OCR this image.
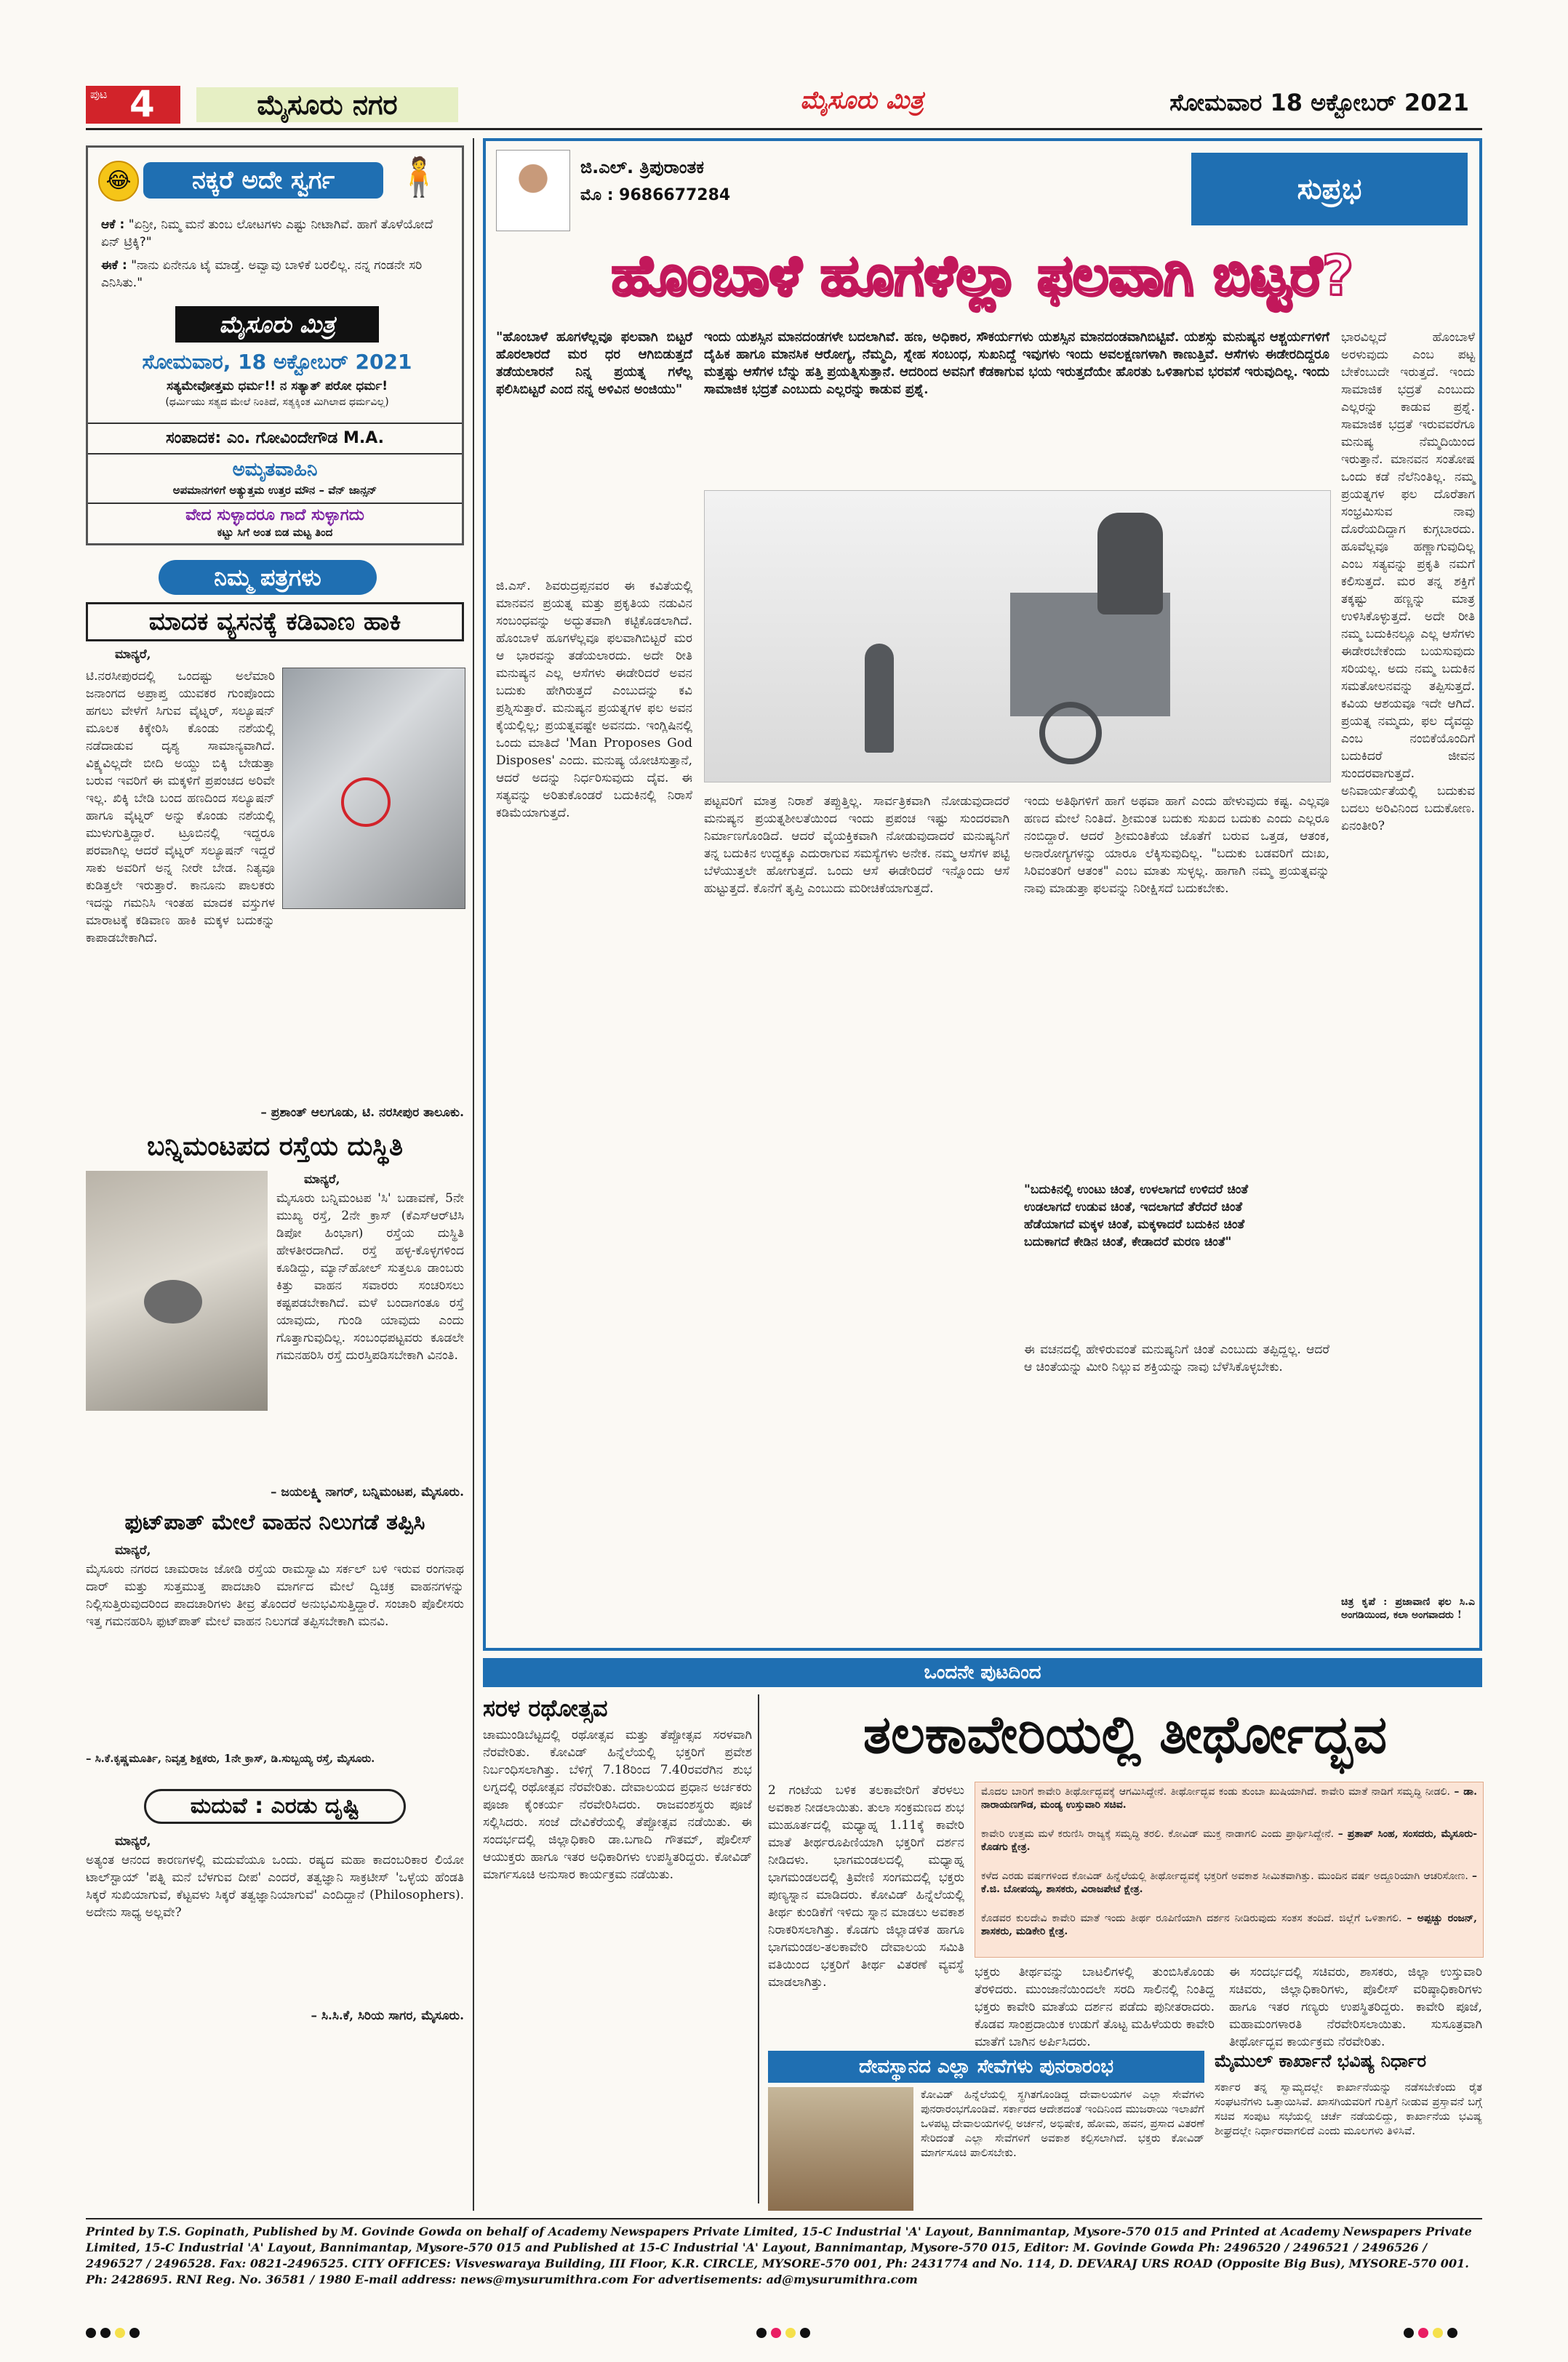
ಪುಟ 4	ಮೈಸೂರು ನಗರ	ಮೈಸೂರು ಮಿತ್ರ	ಸೋಮವಾರ 18 ಅಕ್ಟೋಬರ್ 2021
😂	ನಕ್ಕರೆ ಅದೇ ಸ್ವರ್ಗ	🧍
ಆಕೆ : "ಏನ್ರೀ, ನಿಮ್ಮ ಮನೆ ತುಂಬ ಲೋಟಗಳು ಎಷ್ಟು ನೀಟಾಗಿವೆ. ಹಾಗೆ ತೊಳೆಯೋದೆ ಏನ್ ಟ್ರಿಕ್ಕಿ?"
ಈಕೆ : "ನಾನು ಏನೇನೂ ಟೈ ಮಾಡ್ತೆ. ಅವ್ವಾವು ಬಾಳಿಕೆ ಬರಲಿಲ್ಲ. ನನ್ನ ಗಂಡನೇ ಸರಿ ಎನಿಸಿತು."
ಮೈಸೂರು ಮಿತ್ರ
ಸೋಮವಾರ, 18 ಅಕ್ಟೋಬರ್ 2021
ಸತ್ಯಮೇವೋತ್ತಮ ಧರ್ಮ!! ನ ಸತ್ಯಾತ್ ಪರೋ ಧರ್ಮ!
(ಧರ್ಮಿಯು ಸತ್ಯದ ಮೇಲೆ ನಿಂತಿದೆ, ಸತ್ಯಕ್ಕಿಂತ ಮಿಗಿಲಾದ ಧರ್ಮವಿಲ್ಲ)
ಸಂಪಾದಕ: ಎಂ. ಗೋವಿಂದೇಗೌಡ M.A.
ಅಮೃತವಾಹಿನಿ
ಅಪಮಾನಗಳಿಗೆ ಅತ್ಯುತ್ತಮ ಉತ್ತರ ಮೌನ – ವೆನ್ ಜಾನ್ಸನ್
ವೇದ ಸುಳ್ಳಾದರೂ ಗಾದೆ ಸುಳ್ಳಾಗದು
ಕಟ್ಟು ಸಿಗೆ ಅಂತ ಬಿಡ ಮಟ್ಟ ತಿಂದ
ನಿಮ್ಮ ಪತ್ರಗಳು
ಮಾದಕ ವ್ಯಸನಕ್ಕೆ ಕಡಿವಾಣ ಹಾಕಿ
ಮಾನ್ಯರೆ,
ಟಿ.ನರಸೀಪುರದಲ್ಲಿ ಒಂದಷ್ಟು ಅಲೆಮಾರಿ ಜನಾಂಗದ ಅಪ್ರಾಪ್ತ ಯುವಕರ ಗುಂಪೊಂದು ಹಗಲು ವೇಳೆಗೆ ಸಿಗುವ ವೈಟ್ನರ್, ಸಲ್ಯೂಷನ್ ಮೂಲಕ ಕಿಕ್ಕೇರಿಸಿ ಕೊಂಡು ನಶೆಯಲ್ಲಿ ನಡೆದಾಡುವ ದೃಶ್ಯ ಸಾಮಾನ್ಯವಾಗಿದೆ. ವಿಕ್ಷ್ಯವಿಲ್ಲದೇ ಬೀದಿ ಅಯ್ದು ಬಿಕ್ಕಿ ಬೇಡುತ್ತಾ ಬರುವ ಇವರಿಗೆ ಈ ಮಕ್ಕಳಿಗೆ ಪ್ರಪಂಚದ ಅರಿವೇ ಇಲ್ಲ. ಖಿಕ್ಕಿ ಬೇಡಿ ಬಂದ ಹಣದಿಂದ ಸಲ್ಯೂಷನ್ ಹಾಗೂ ವೈಟ್ನರ್ ಅನ್ನು ಕೊಂಡು ನಶೆಯಲ್ಲಿ ಮುಳುಗುತ್ತಿದ್ದಾರೆ. ಟ್ರೂಬಿನಲ್ಲಿ ಇದ್ದರೂ ಪರವಾಗಿಲ್ಲ ಆದರೆ ವೈಟ್ನರ್ ಸಲ್ಯೂಷನ್ ಇದ್ದರೆ ಸಾಕು ಅವರಿಗೆ ಅನ್ನ ನೀರೇ ಬೇಡ. ನಿತ್ಯವೂ ಕುಡಿತ್ತಲೇ ಇರುತ್ತಾರೆ. ಕಾನೂನು ಪಾಲಕರು ಇದನ್ನು ಗಮನಿಸಿ ಇಂತಹ ಮಾದಕ ವಸ್ತುಗಳ ಮಾರಾಟಕ್ಕೆ ಕಡಿವಾಣ ಹಾಕಿ ಮಕ್ಕಳ ಬದುಕನ್ನು ಕಾಪಾಡಬೇಕಾಗಿದೆ.
– ಪ್ರಶಾಂತ್ ಆಲಗೂಡು, ಟಿ. ನರಸೀಪುರ ತಾಲೂಕು.
ಬನ್ನಿಮಂಟಪದ ರಸ್ತೆಯ ದುಸ್ಥಿತಿ
ಮಾನ್ಯರೆ,
ಮೈಸೂರು ಬನ್ನಿಮಂಟಪ 'ಸಿ' ಬಡಾವಣೆ, 5ನೇ ಮುಖ್ಯ ರಸ್ತೆ, 2ನೇ ಕ್ರಾಸ್ (ಕೆಎಸ್‌ಆರ್‌ಟಿಸಿ ಡಿಪೋ ಹಿಂಭಾಗ) ರಸ್ತೆಯ ದುಸ್ಥಿತಿ ಹೇಳತೀರದಾಗಿದೆ. ರಸ್ತೆ ಹಳ್ಳ-ಕೊಳ್ಳಗಳಿಂದ ಕೂಡಿದ್ದು, ಮ್ಯಾನ್‌ಹೋಲ್ ಸುತ್ತಲೂ ಡಾಂಬರು ಕಿತ್ತು ವಾಹನ ಸವಾರರು ಸಂಚರಿಸಲು ಕಷ್ಟಪಡಬೇಕಾಗಿದೆ. ಮಳೆ ಬಂದಾಗಂತೂ ರಸ್ತೆ ಯಾವುದು, ಗುಂಡಿ ಯಾವುದು ಎಂದು ಗೊತ್ತಾಗುವುದಿಲ್ಲ. ಸಂಬಂಧಪಟ್ಟವರು ಕೂಡಲೇ ಗಮನಹರಿಸಿ ರಸ್ತೆ ದುರಸ್ತಿಪಡಿಸಬೇಕಾಗಿ ವಿನಂತಿ.
– ಜಯಲಕ್ಷ್ಮಿ ನಾಗರ್, ಬನ್ನಿಮಂಟಪ, ಮೈಸೂರು.
ಫುಟ್‌ಪಾತ್ ಮೇಲೆ ವಾಹನ ನಿಲುಗಡೆ ತಪ್ಪಿಸಿ
ಮಾನ್ಯರೆ,
ಮೈಸೂರು ನಗರದ ಚಾಮರಾಜ ಜೋಡಿ ರಸ್ತೆಯ ರಾಮಸ್ವಾಮಿ ಸರ್ಕಲ್ ಬಳಿ ಇರುವ ರಂಗನಾಥ ದಾರ್ ಮತ್ತು ಸುತ್ತಮುತ್ತ ಪಾದಚಾರಿ ಮಾರ್ಗದ ಮೇಲೆ ದ್ವಿಚಕ್ರ ವಾಹನಗಳನ್ನು ನಿಲ್ಲಿಸುತ್ತಿರುವುದರಿಂದ ಪಾದಚಾರಿಗಳು ತೀವ್ರ ತೊಂದರೆ ಅನುಭವಿಸುತ್ತಿದ್ದಾರೆ. ಸಂಚಾರಿ ಪೊಲೀಸರು ಇತ್ತ ಗಮನಹರಿಸಿ ಫುಟ್‌ಪಾತ್ ಮೇಲೆ ವಾಹನ ನಿಲುಗಡೆ ತಪ್ಪಿಸಬೇಕಾಗಿ ಮನವಿ.
– ಸಿ.ಕೆ.ಕೃಷ್ಣಮೂರ್ತಿ, ನಿವೃತ್ತ ಶಿಕ್ಷಕರು, 1ನೇ ಕ್ರಾಸ್, ಡಿ.ಸುಬ್ಬಯ್ಯ ರಸ್ತೆ, ಮೈಸೂರು.
ಮದುವೆ : ಎರಡು ದೃಷ್ಟಿ
ಮಾನ್ಯರೆ,
ಅತ್ಯಂತ ಆನಂದ ಕಾರಣಗಳಲ್ಲಿ ಮದುವೆಯೂ ಒಂದು. ರಷ್ಯದ ಮಹಾ ಕಾದಂಬರಿಕಾರ ಲಿಯೋ ಟಾಲ್‌ಸ್ಟಾಯ್ 'ಪತ್ನಿ ಮನೆ ಬೆಳಗುವ ದೀಪ' ಎಂದರೆ, ತತ್ವಜ್ಞಾನಿ ಸಾಕ್ರಟೀಸ್ 'ಒಳ್ಳೆಯ ಹೆಂಡತಿ ಸಿಕ್ಕರೆ ಸುಖಿಯಾಗುವೆ, ಕೆಟ್ಟವಳು ಸಿಕ್ಕರೆ ತತ್ವಜ್ಞಾನಿಯಾಗುವೆ' ಎಂದಿದ್ದಾನೆ (Philosophers). ಅದೇನು ಸಾಧ್ಯ ಅಲ್ಲವೇ?
– ಸಿ.ಸಿ.ಕೆ, ಸಿರಿಯ ಸಾಗರ, ಮೈಸೂರು.
ಜಿ.ಎಲ್. ತ್ರಿಪುರಾಂತಕ
ಮೊ : 9686677284	ಸುಪ್ರಭ
ಹೊಂಬಾಳೆ ಹೂಗಳೆಲ್ಲಾ ಫಲವಾಗಿ ಬಿಟ್ಟರೆ?
"ಹೊಂಬಾಳೆ ಹೂಗಳೆಲ್ಲವೂ ಫಲವಾಗಿ ಬಿಟ್ಟರೆ ಹೊರಲಾರದೆ ಮರ ಧರ ಆಗಿಬಿಡುತ್ತದೆ ತಡೆಯಲಾರನೆ ನಿನ್ನ ಪ್ರಯತ್ನ ಗಳೆಲ್ಲ ಫಲಿಸಿಬಿಟ್ಟರೆ ಎಂದ ನನ್ನ ಅಳಿವಿನ ಅಂಜಿಯು"
ಜಿ.ಎಸ್. ಶಿವರುದ್ರಪ್ಪನವರ ಈ ಕವಿತೆಯಲ್ಲಿ ಮಾನವನ ಪ್ರಯತ್ನ ಮತ್ತು ಪ್ರಕೃತಿಯ ನಡುವಿನ ಸಂಬಂಧವನ್ನು ಅದ್ಭುತವಾಗಿ ಕಟ್ಟಿಕೊಡಲಾಗಿದೆ. ಹೊಂಬಾಳೆ ಹೂಗಳೆಲ್ಲವೂ ಫಲವಾಗಿಬಿಟ್ಟರೆ ಮರ ಆ ಭಾರವನ್ನು ತಡೆಯಲಾರದು. ಅದೇ ರೀತಿ ಮನುಷ್ಯನ ಎಲ್ಲ ಆಸೆಗಳು ಈಡೇರಿದರೆ ಅವನ ಬದುಕು ಹೇಗಿರುತ್ತದೆ ಎಂಬುದನ್ನು ಕವಿ ಪ್ರಶ್ನಿಸುತ್ತಾರೆ. ಮನುಷ್ಯನ ಪ್ರಯತ್ನಗಳ ಫಲ ಅವನ ಕೈಯಲ್ಲಿಲ್ಲ; ಪ್ರಯತ್ನವಷ್ಟೇ ಅವನದು. ಇಂಗ್ಲಿಷಿನಲ್ಲಿ ಒಂದು ಮಾತಿದೆ 'Man Proposes God Disposes' ಎಂದು. ಮನುಷ್ಯ ಯೋಚಿಸುತ್ತಾನೆ, ಆದರೆ ಅದನ್ನು ನಿರ್ಧರಿಸುವುದು ದೈವ. ಈ ಸತ್ಯವನ್ನು ಅರಿತುಕೊಂಡರೆ ಬದುಕಿನಲ್ಲಿ ನಿರಾಸೆ ಕಡಿಮೆಯಾಗುತ್ತದೆ.
ಇಂದು ಯಶಸ್ಸಿನ ಮಾನದಂಡಗಳೇ ಬದಲಾಗಿವೆ. ಹಣ, ಅಧಿಕಾರ, ಸೌಕರ್ಯಗಳು ಯಶಸ್ಸಿನ ಮಾನದಂಡವಾಗಿಬಿಟ್ಟಿವೆ. ಯಶಸ್ಸು ಮನುಷ್ಯನ ಆಶ್ಚರ್ಯಗಳಿಗೆ ದೈಹಿಕ ಹಾಗೂ ಮಾನಸಿಕ ಆರೋಗ್ಯ, ನೆಮ್ಮದಿ, ಸ್ನೇಹ ಸಂಬಂಧ, ಸುಖನಿದ್ದೆ ಇವುಗಳು ಇಂದು ಅವಲಕ್ಷಣಗಳಾಗಿ ಕಾಣುತ್ತಿವೆ. ಆಸೆಗಳು ಈಡೇರದಿದ್ದರೂ ಮತ್ತಷ್ಟು ಆಸೆಗಳ ಬೆನ್ನು ಹತ್ತಿ ಪ್ರಯತ್ನಿಸುತ್ತಾನೆ. ಆದರಿಂದ ಅವನಿಗೆ ಕೆಡಕಾಗುವ ಭಯ ಇರುತ್ತದೆಯೇ ಹೊರತು ಒಳಿತಾಗುವ ಭರವಸೆ ಇರುವುದಿಲ್ಲ. ಇಂದು ಸಾಮಾಜಿಕ ಭದ್ರತೆ ಎಂಬುದು ಎಲ್ಲರನ್ನು ಕಾಡುವ ಪ್ರಶ್ನೆ.
ಭಾರವಿಲ್ಲದೆ ಹೊಂಬಾಳೆ ಅರಳುವುದು ಎಂಬ ಪಟ್ಟ ಬೇಕೆಂಬುದೇ ಇರುತ್ತದೆ. ಇಂದು ಸಾಮಾಜಿಕ ಭದ್ರತೆ ಎಂಬುದು ಎಲ್ಲರನ್ನು ಕಾಡುವ ಪ್ರಶ್ನೆ. ಸಾಮಾಜಿಕ ಭದ್ರತೆ ಇರುವವರೆಗೂ ಮನುಷ್ಯ ನೆಮ್ಮದಿಯಿಂದ ಇರುತ್ತಾನೆ. ಮಾನವನ ಸಂತೋಷ ಒಂದು ಕಡೆ ನೆಲೆನಿಂತಿಲ್ಲ. ನಮ್ಮ ಪ್ರಯತ್ನಗಳ ಫಲ ದೊರೆತಾಗ ಸಂಭ್ರಮಿಸುವ ನಾವು ದೊರೆಯದಿದ್ದಾಗ ಕುಗ್ಗಬಾರದು. ಹೂವೆಲ್ಲವೂ ಹಣ್ಣಾಗುವುದಿಲ್ಲ ಎಂಬ ಸತ್ಯವನ್ನು ಪ್ರಕೃತಿ ನಮಗೆ ಕಲಿಸುತ್ತದೆ. ಮರ ತನ್ನ ಶಕ್ತಿಗೆ ತಕ್ಕಷ್ಟು ಹಣ್ಣನ್ನು ಮಾತ್ರ ಉಳಿಸಿಕೊಳ್ಳುತ್ತದೆ. ಅದೇ ರೀತಿ ನಮ್ಮ ಬದುಕಿನಲ್ಲೂ ಎಲ್ಲ ಆಸೆಗಳು ಈಡೇರಬೇಕೆಂದು ಬಯಸುವುದು ಸರಿಯಲ್ಲ. ಅದು ನಮ್ಮ ಬದುಕಿನ ಸಮತೋಲನವನ್ನು ತಪ್ಪಿಸುತ್ತದೆ. ಕವಿಯ ಆಶಯವೂ ಇದೇ ಆಗಿದೆ. ಪ್ರಯತ್ನ ನಮ್ಮದು, ಫಲ ದೈವದ್ದು ಎಂಬ ನಂಬಿಕೆಯೊಂದಿಗೆ ಬದುಕಿದರೆ ಜೀವನ ಸುಂದರವಾಗುತ್ತದೆ. ಅನಿವಾರ್ಯತೆಯಲ್ಲಿ ಬದುಕುವ ಬದಲು ಅರಿವಿನಿಂದ ಬದುಕೋಣ. ಏನಂತೀರಿ?
ಪಟ್ಟವರಿಗೆ ಮಾತ್ರ ನಿರಾಶೆ ತಪ್ಪುತ್ತಿಲ್ಲ. ಸಾರ್ವತ್ರಿಕವಾಗಿ ನೋಡುವುದಾದರೆ ಮನುಷ್ಯನ ಪ್ರಯತ್ನಶೀಲತೆಯಿಂದ ಇಂದು ಪ್ರಪಂಚ ಇಷ್ಟು ಸುಂದರವಾಗಿ ನಿರ್ಮಾಣಗೊಂಡಿದೆ. ಆದರೆ ವೈಯಕ್ತಿಕವಾಗಿ ನೋಡುವುದಾದರೆ ಮನುಷ್ಯನಿಗೆ ತನ್ನ ಬದುಕಿನ ಉದ್ದಕ್ಕೂ ಎದುರಾಗುವ ಸಮಸ್ಯೆಗಳು ಅನೇಕ. ನಮ್ಮ ಆಸೆಗಳ ಪಟ್ಟಿ ಬೆಳೆಯುತ್ತಲೇ ಹೋಗುತ್ತದೆ. ಒಂದು ಆಸೆ ಈಡೇರಿದರೆ ಇನ್ನೊಂದು ಆಸೆ ಹುಟ್ಟುತ್ತದೆ. ಕೊನೆಗೆ ತೃಪ್ತಿ ಎಂಬುದು ಮರೀಚಿಕೆಯಾಗುತ್ತದೆ.
ಇಂದು ಅತಿಥಿಗಳಿಗೆ ಹಾಗೆ ಅಥವಾ ಹಾಗೆ ಎಂದು ಹೇಳುವುದು ಕಷ್ಟ. ಎಲ್ಲವೂ ಹಣದ ಮೇಲೆ ನಿಂತಿದೆ. ಶ್ರೀಮಂತ ಬದುಕು ಸುಖದ ಬದುಕು ಎಂದು ಎಲ್ಲರೂ ನಂಬಿದ್ದಾರೆ. ಆದರೆ ಶ್ರೀಮಂತಿಕೆಯ ಜೊತೆಗೆ ಬರುವ ಒತ್ತಡ, ಆತಂಕ, ಅನಾರೋಗ್ಯಗಳನ್ನು ಯಾರೂ ಲೆಕ್ಕಿಸುವುದಿಲ್ಲ. "ಬದುಕು ಬಡವರಿಗೆ ದುಃಖ, ಸಿರಿವಂತರಿಗೆ ಆತಂಕ" ಎಂಬ ಮಾತು ಸುಳ್ಳಲ್ಲ. ಹಾಗಾಗಿ ನಮ್ಮ ಪ್ರಯತ್ನವನ್ನು ನಾವು ಮಾಡುತ್ತಾ ಫಲವನ್ನು ನಿರೀಕ್ಷಿಸದೆ ಬದುಕಬೇಕು.
"ಬದುಕಿನಲ್ಲಿ ಉಂಟು ಚಿಂತೆ, ಉಳಲಾಗದೆ ಉಳಿದರೆ ಚಿಂತೆ
ಉಡಲಾಗದೆ ಉಡುವ ಚಿಂತೆ, ಇದಲಾಗದೆ ತೆರೆದರೆ ಚಿಂತೆ
ಹೆಡೆಯಾಗದೆ ಮಕ್ಕಳ ಚಿಂತೆ, ಮಕ್ಕಳಾದರೆ ಬದುಕಿನ ಚಿಂತೆ
ಬದುಕಾಗದೆ ಕೇಡಿನ ಚಿಂತೆ, ಕೇಡಾದರೆ ಮರಣ ಚಿಂತೆ"
ಈ ವಚನದಲ್ಲಿ ಹೇಳಿರುವಂತೆ ಮನುಷ್ಯನಿಗೆ ಚಿಂತೆ ಎಂಬುದು ತಪ್ಪಿದ್ದಲ್ಲ. ಆದರೆ ಆ ಚಿಂತೆಯನ್ನು ಮೀರಿ ನಿಲ್ಲುವ ಶಕ್ತಿಯನ್ನು ನಾವು ಬೆಳೆಸಿಕೊಳ್ಳಬೇಕು.
ಚಿತ್ರ ಕೃಪೆ : ಪ್ರಜಾವಾಣಿ ಫಲ ಸಿ.ಎ ಅಂಗಡಿಯಿಂದ, ಕಲಾ ಅಂಗವಾದರು !
ಒಂದನೇ ಪುಟದಿಂದ
ಸರಳ ರಥೋತ್ಸವ
ಚಾಮುಂಡಿಬೆಟ್ಟದಲ್ಲಿ ರಥೋತ್ಸವ ಮತ್ತು ತೆಪ್ಪೋತ್ಸವ ಸರಳವಾಗಿ ನೆರವೇರಿತು. ಕೋವಿಡ್ ಹಿನ್ನೆಲೆಯಲ್ಲಿ ಭಕ್ತರಿಗೆ ಪ್ರವೇಶ ನಿರ್ಬಂಧಿಸಲಾಗಿತ್ತು. ಬೆಳಿಗ್ಗೆ 7.18ರಿಂದ 7.40ರವರೆಗಿನ ಶುಭ ಲಗ್ನದಲ್ಲಿ ರಥೋತ್ಸವ ನೆರವೇರಿತು. ದೇವಾಲಯದ ಪ್ರಧಾನ ಅರ್ಚಕರು ಪೂಜಾ ಕೈಂಕರ್ಯ ನೆರವೇರಿಸಿದರು. ರಾಜವಂಶಸ್ಥರು ಪೂಜೆ ಸಲ್ಲಿಸಿದರು. ಸಂಜೆ ದೇವಿಕೆರೆಯಲ್ಲಿ ತೆಪ್ಪೋತ್ಸವ ನಡೆಯಿತು. ಈ ಸಂದರ್ಭದಲ್ಲಿ ಜಿಲ್ಲಾಧಿಕಾರಿ ಡಾ.ಬಗಾದಿ ಗೌತಮ್, ಪೊಲೀಸ್ ಆಯುಕ್ತರು ಹಾಗೂ ಇತರ ಅಧಿಕಾರಿಗಳು ಉಪಸ್ಥಿತರಿದ್ದರು. ಕೋವಿಡ್ ಮಾರ್ಗಸೂಚಿ ಅನುಸಾರ ಕಾರ್ಯಕ್ರಮ ನಡೆಯಿತು.
ತಲಕಾವೇರಿಯಲ್ಲಿ ತೀರ್ಥೋದ್ಭವ
2 ಗಂಟೆಯ ಬಳಿಕ ತಲಕಾವೇರಿಗೆ ತೆರಳಲು ಅವಕಾಶ ನೀಡಲಾಯಿತು. ತುಲಾ ಸಂಕ್ರಮಣದ ಶುಭ ಮುಹೂರ್ತದಲ್ಲಿ ಮಧ್ಯಾಹ್ನ 1.11ಕ್ಕೆ ಕಾವೇರಿ ಮಾತೆ ತೀರ್ಥರೂಪಿಣಿಯಾಗಿ ಭಕ್ತರಿಗೆ ದರ್ಶನ ನೀಡಿದಳು. ಭಾಗಮಂಡಲದಲ್ಲಿ ಮಧ್ಯಾಹ್ನ ಭಾಗಮಂಡಲದಲ್ಲಿ ತ್ರಿವೇಣಿ ಸಂಗಮದಲ್ಲಿ ಭಕ್ತರು ಪುಣ್ಯಸ್ನಾನ ಮಾಡಿದರು. ಕೋವಿಡ್ ಹಿನ್ನೆಲೆಯಲ್ಲಿ ತೀರ್ಥ ಕುಂಡಿಕೆಗೆ ಇಳಿದು ಸ್ನಾನ ಮಾಡಲು ಅವಕಾಶ ನಿರಾಕರಿಸಲಾಗಿತ್ತು. ಕೊಡಗು ಜಿಲ್ಲಾಡಳಿತ ಹಾಗೂ ಭಾಗಮಂಡಲ-ತಲಕಾವೇರಿ ದೇವಾಲಯ ಸಮಿತಿ ವತಿಯಿಂದ ಭಕ್ತರಿಗೆ ತೀರ್ಥ ವಿತರಣೆ ವ್ಯವಸ್ಥೆ ಮಾಡಲಾಗಿತ್ತು.
ಭಕ್ತರು ತೀರ್ಥವನ್ನು ಬಾಟಲಿಗಳಲ್ಲಿ ತುಂಬಿಸಿಕೊಂಡು ತೆರಳಿದರು. ಮುಂಜಾನೆಯಿಂದಲೇ ಸರದಿ ಸಾಲಿನಲ್ಲಿ ನಿಂತಿದ್ದ ಭಕ್ತರು ಕಾವೇರಿ ಮಾತೆಯ ದರ್ಶನ ಪಡೆದು ಪುನೀತರಾದರು. ಕೊಡವ ಸಾಂಪ್ರದಾಯಿಕ ಉಡುಗೆ ತೊಟ್ಟ ಮಹಿಳೆಯರು ಕಾವೇರಿ ಮಾತೆಗೆ ಬಾಗಿನ ಅರ್ಪಿಸಿದರು.
ಮೊದಲ ಬಾರಿಗೆ ಕಾವೇರಿ ತೀರ್ಥೋದ್ಭವಕ್ಕೆ ಆಗಮಿಸಿದ್ದೇನೆ. ತೀರ್ಥೋದ್ಭವ ಕಂಡು ತುಂಬಾ ಖುಷಿಯಾಗಿದೆ. ಕಾವೇರಿ ಮಾತೆ ನಾಡಿಗೆ ಸಮೃದ್ಧಿ ನೀಡಲಿ. – ಡಾ. ನಾರಾಯಣಗೌಡ, ಮಂಡ್ಯ ಉಸ್ತುವಾರಿ ಸಚಿವ.
ಕಾವೇರಿ ಉತ್ತಮ ಮಳೆ ಕರುಣಿಸಿ ರಾಜ್ಯಕ್ಕೆ ಸಮೃದ್ಧಿ ತರಲಿ. ಕೋವಿಡ್ ಮುಕ್ತ ನಾಡಾಗಲಿ ಎಂದು ಪ್ರಾರ್ಥಿಸಿದ್ದೇನೆ. – ಪ್ರತಾಪ್ ಸಿಂಹ, ಸಂಸದರು, ಮೈಸೂರು-ಕೊಡಗು ಕ್ಷೇತ್ರ.
ಕಳೆದ ಎರಡು ವರ್ಷಗಳಿಂದ ಕೋವಿಡ್ ಹಿನ್ನೆಲೆಯಲ್ಲಿ ತೀರ್ಥೋದ್ಭವಕ್ಕೆ ಭಕ್ತರಿಗೆ ಅವಕಾಶ ಸೀಮಿತವಾಗಿತ್ತು. ಮುಂದಿನ ವರ್ಷ ಅದ್ದೂರಿಯಾಗಿ ಆಚರಿಸೋಣ. – ಕೆ.ಜಿ. ಬೋಪಯ್ಯ, ಶಾಸಕರು, ವಿರಾಜಪೇಟೆ ಕ್ಷೇತ್ರ.
ಕೊಡವರ ಕುಲದೇವಿ ಕಾವೇರಿ ಮಾತೆ ಇಂದು ತೀರ್ಥ ರೂಪಿಣಿಯಾಗಿ ದರ್ಶನ ನೀಡಿರುವುದು ಸಂತಸ ತಂದಿದೆ. ಜಿಲ್ಲೆಗೆ ಒಳಿತಾಗಲಿ. – ಅಪ್ಪಚ್ಚು ರಂಜನ್, ಶಾಸಕರು, ಮಡಿಕೇರಿ ಕ್ಷೇತ್ರ.
ಈ ಸಂದರ್ಭದಲ್ಲಿ ಸಚಿವರು, ಶಾಸಕರು, ಜಿಲ್ಲಾ ಉಸ್ತುವಾರಿ ಸಚಿವರು, ಜಿಲ್ಲಾಧಿಕಾರಿಗಳು, ಪೊಲೀಸ್ ವರಿಷ್ಠಾಧಿಕಾರಿಗಳು ಹಾಗೂ ಇತರ ಗಣ್ಯರು ಉಪಸ್ಥಿತರಿದ್ದರು. ಕಾವೇರಿ ಪೂಜೆ, ಮಹಾಮಂಗಳಾರತಿ ನೆರವೇರಿಸಲಾಯಿತು. ಸುಸೂತ್ರವಾಗಿ ತೀರ್ಥೋದ್ಭವ ಕಾರ್ಯಕ್ರಮ ನೆರವೇರಿತು.
ದೇವಸ್ಥಾನದ ಎಲ್ಲಾ ಸೇವೆಗಳು ಪುನರಾರಂಭ
ಕೋವಿಡ್ ಹಿನ್ನೆಲೆಯಲ್ಲಿ ಸ್ಥಗಿತಗೊಂಡಿದ್ದ ದೇವಾಲಯಗಳ ಎಲ್ಲಾ ಸೇವೆಗಳು ಪುನರಾರಂಭಗೊಂಡಿವೆ. ಸರ್ಕಾರದ ಆದೇಶದಂತೆ ಇಂದಿನಿಂದ ಮುಜರಾಯಿ ಇಲಾಖೆಗೆ ಒಳಪಟ್ಟ ದೇವಾಲಯಗಳಲ್ಲಿ ಅರ್ಚನೆ, ಅಭಿಷೇಕ, ಹೋಮ, ಹವನ, ಪ್ರಸಾದ ವಿತರಣೆ ಸೇರಿದಂತೆ ಎಲ್ಲಾ ಸೇವೆಗಳಿಗೆ ಅವಕಾಶ ಕಲ್ಪಿಸಲಾಗಿದೆ. ಭಕ್ತರು ಕೋವಿಡ್ ಮಾರ್ಗಸೂಚಿ ಪಾಲಿಸಬೇಕು.
ಮೈಮುಲ್ ಕಾರ್ಖಾನೆ ಭವಿಷ್ಯ ನಿರ್ಧಾರ
ಸರ್ಕಾರ ತನ್ನ ಸ್ವಾಮ್ಯದಲ್ಲೇ ಕಾರ್ಖಾನೆಯನ್ನು ನಡೆಸಬೇಕೆಂದು ರೈತ ಸಂಘಟನೆಗಳು ಒತ್ತಾಯಿಸಿವೆ. ಖಾಸಗಿಯವರಿಗೆ ಗುತ್ತಿಗೆ ನೀಡುವ ಪ್ರಸ್ತಾವನೆ ಬಗ್ಗೆ ಸಚಿವ ಸಂಪುಟ ಸಭೆಯಲ್ಲಿ ಚರ್ಚೆ ನಡೆಯಲಿದ್ದು, ಕಾರ್ಖಾನೆಯ ಭವಿಷ್ಯ ಶೀಘ್ರದಲ್ಲೇ ನಿರ್ಧಾರವಾಗಲಿದೆ ಎಂದು ಮೂಲಗಳು ತಿಳಿಸಿವೆ.
Printed by T.S. Gopinath, Published by M. Govinde Gowda on behalf of Academy Newspapers Private Limited, 15-C Industrial 'A' Layout, Bannimantap, Mysore-570 015 and Printed at Academy Newspapers Private Limited, 15-C Industrial 'A' Layout, Bannimantap, Mysore-570 015 and Published at 15-C Industrial 'A' Layout, Bannimantap, Mysore-570 015, Editor: M. Govinde Gowda Ph: 2496520 / 2496521 / 2496526 / 2496527 / 2496528. Fax: 0821-2496525. CITY OFFICES: Visveswaraya Building, III Floor, K.R. CIRCLE, MYSORE-570 001, Ph: 2431774 and No. 114, D. DEVARAJ URS ROAD (Opposite Big Bus), MYSORE-570 001. Ph: 2428695. RNI Reg. No. 36581 / 1980 E-mail address: news@mysurumithra.com For advertisements: ad@mysurumithra.com
